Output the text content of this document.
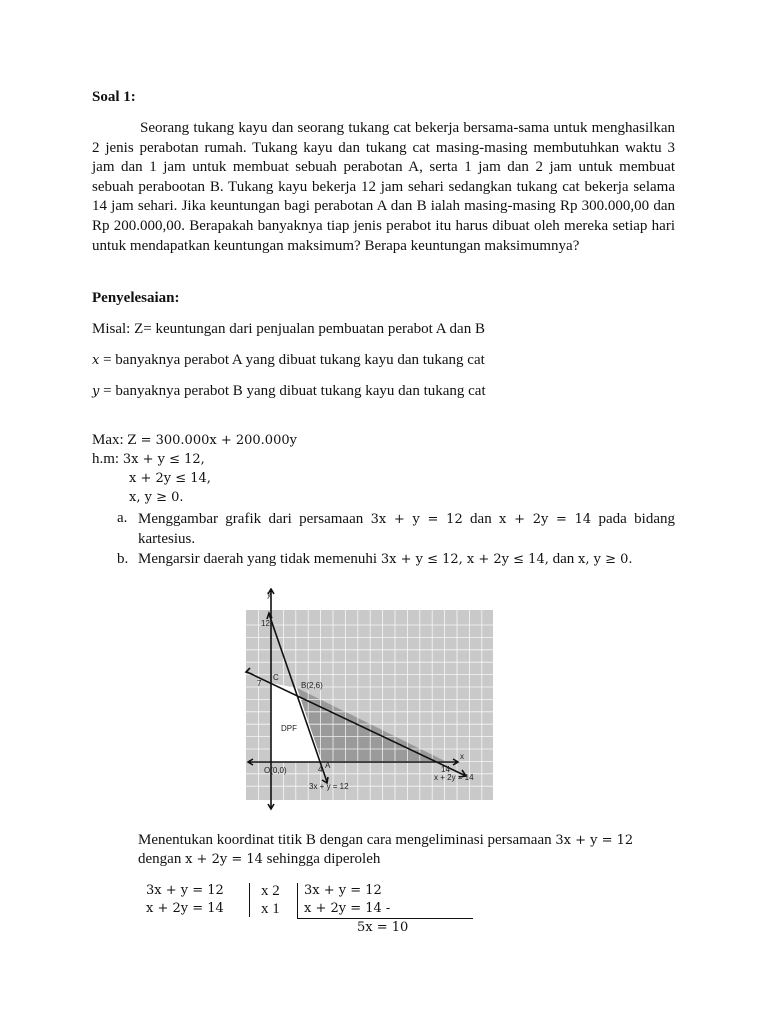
Soal 1:
Seorang tukang kayu dan seorang tukang cat bekerja bersama-sama untuk menghasilkan 2 jenis perabotan rumah. Tukang kayu dan tukang cat masing-masing membutuhkan waktu 3 jam dan 1 jam untuk membuat sebuah perabotan A, serta 1 jam dan 2 jam untuk membuat sebuah perabootan B. Tukang kayu bekerja 12 jam sehari sedangkan tukang cat bekerja selama 14 jam sehari. Jika keuntungan bagi perabotan A dan B ialah masing-masing Rp 300.000,00 dan Rp 200.000,00. Berapakah banyaknya tiap jenis perabot itu harus dibuat oleh mereka setiap hari untuk mendapatkan keuntungan maksimum? Berapa keuntungan maksimumnya?
Penyelesaian:
Misal: Z= keuntungan dari penjualan pembuatan perabot A dan B
x = banyaknya perabot A yang dibuat tukang kayu dan tukang cat
y = banyaknya perabot B yang dibuat tukang kayu dan tukang cat
Max: Z = 300.000x + 200.000y
h.m: 3x + y ≤ 12,
x + 2y ≤ 14,
x, y ≥ 0.
a. Menggambar grafik dari persamaan 3x + y = 12 dan x + 2y = 14 pada bidang kartesius.
b. Mengarsir daerah yang tidak memenuhi 3x + y ≤ 12, x + 2y ≤ 14, dan x, y ≥ 0.
y
x
12
7
C
B(2,6)
DPF
O(0,0)
A
4	14
3x + y = 12
x + 2y = 14
Menentukan koordinat titik B dengan cara mengeliminasi persamaan 3x + y = 12
dengan x + 2y = 14 sehingga diperoleh
3x + y = 12
x + 2y = 14
x 2
x 1
3x + y = 12
x + 2y = 14 -
5x = 10
